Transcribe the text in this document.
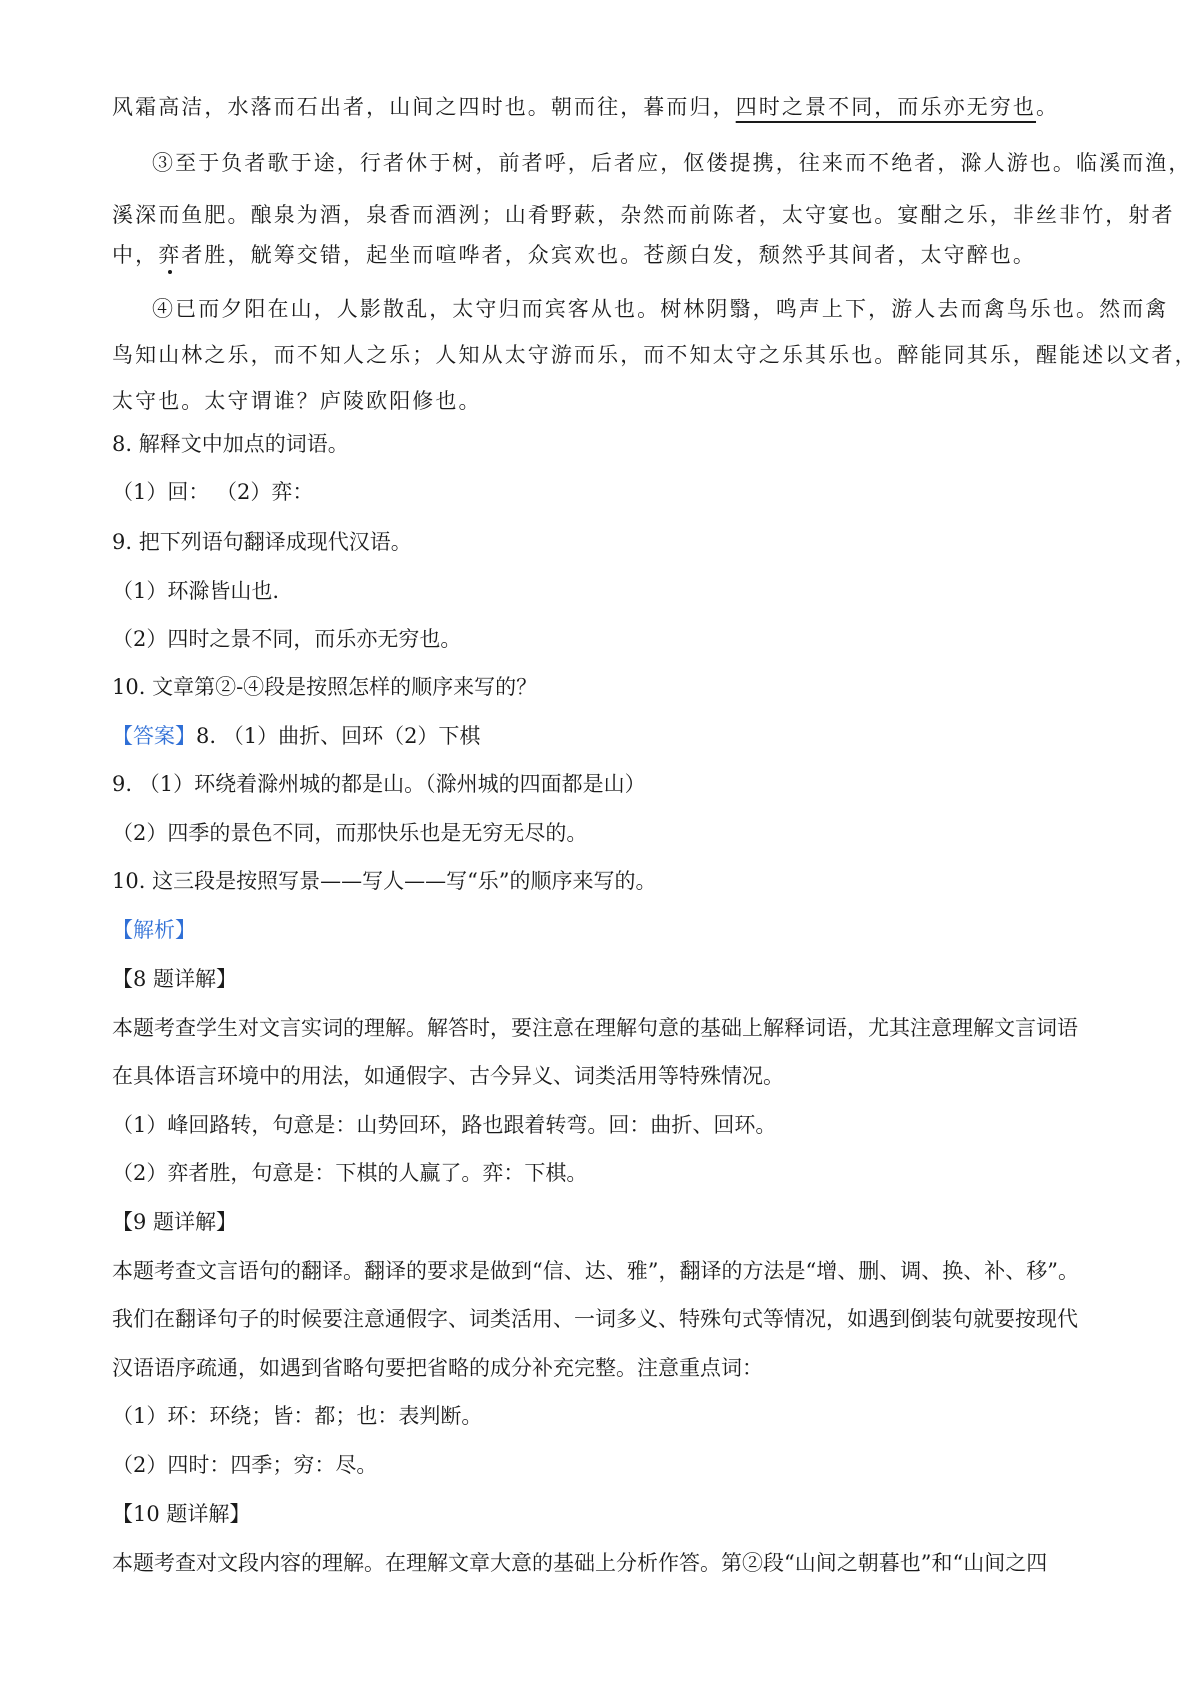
风霜高洁，水落而石出者，山间之四时也。朝而往，暮而归，四时之景不同，而乐亦无穷也。
③至于负者歌于途，行者休于树，前者呼，后者应，伛偻提携，往来而不绝者，滁人游也。临溪而渔，
溪深而鱼肥。酿泉为酒，泉香而酒洌；山肴野蔌，杂然而前陈者，太守宴也。宴酣之乐，非丝非竹，射者
中，弈者胜，觥筹交错，起坐而喧哗者，众宾欢也。苍颜白发，颓然乎其间者，太守醉也。
④已而夕阳在山，人影散乱，太守归而宾客从也。树林阴翳，鸣声上下，游人去而禽鸟乐也。然而禽
鸟知山林之乐，而不知人之乐；人知从太守游而乐，而不知太守之乐其乐也。醉能同其乐，醒能述以文者，
太守也。太守谓谁？庐陵欧阳修也。
8. 解释文中加点的词语。
（1）回： （2）弈：
9. 把下列语句翻译成现代汉语。
（1）环滁皆山也.
（2）四时之景不同，而乐亦无穷也。
10. 文章第②-④段是按照怎样的顺序来写的？
【答案】8. （1）曲折、回环（2）下棋
9. （1）环绕着滁州城的都是山。（滁州城的四面都是山）
（2）四季的景色不同，而那快乐也是无穷无尽的。
10. 这三段是按照写景——写人——写“乐”的顺序来写的。
【解析】
【8 题详解】
本题考查学生对文言实词的理解。解答时，要注意在理解句意的基础上解释词语，尤其注意理解文言词语
在具体语言环境中的用法，如通假字、古今异义、词类活用等特殊情况。
（1）峰回路转，句意是：山势回环，路也跟着转弯。回：曲折、回环。
（2）弈者胜，句意是：下棋的人赢了。弈：下棋。
【9 题详解】
本题考查文言语句的翻译。翻译的要求是做到“信、达、雅”，翻译的方法是“增、删、调、换、补、移”。
我们在翻译句子的时候要注意通假字、词类活用、一词多义、特殊句式等情况，如遇到倒装句就要按现代
汉语语序疏通，如遇到省略句要把省略的成分补充完整。注意重点词：
（1）环：环绕；皆：都；也：表判断。
（2）四时：四季；穷：尽。
【10 题详解】
本题考查对文段内容的理解。在理解文章大意的基础上分析作答。第②段“山间之朝暮也”和“山间之四
